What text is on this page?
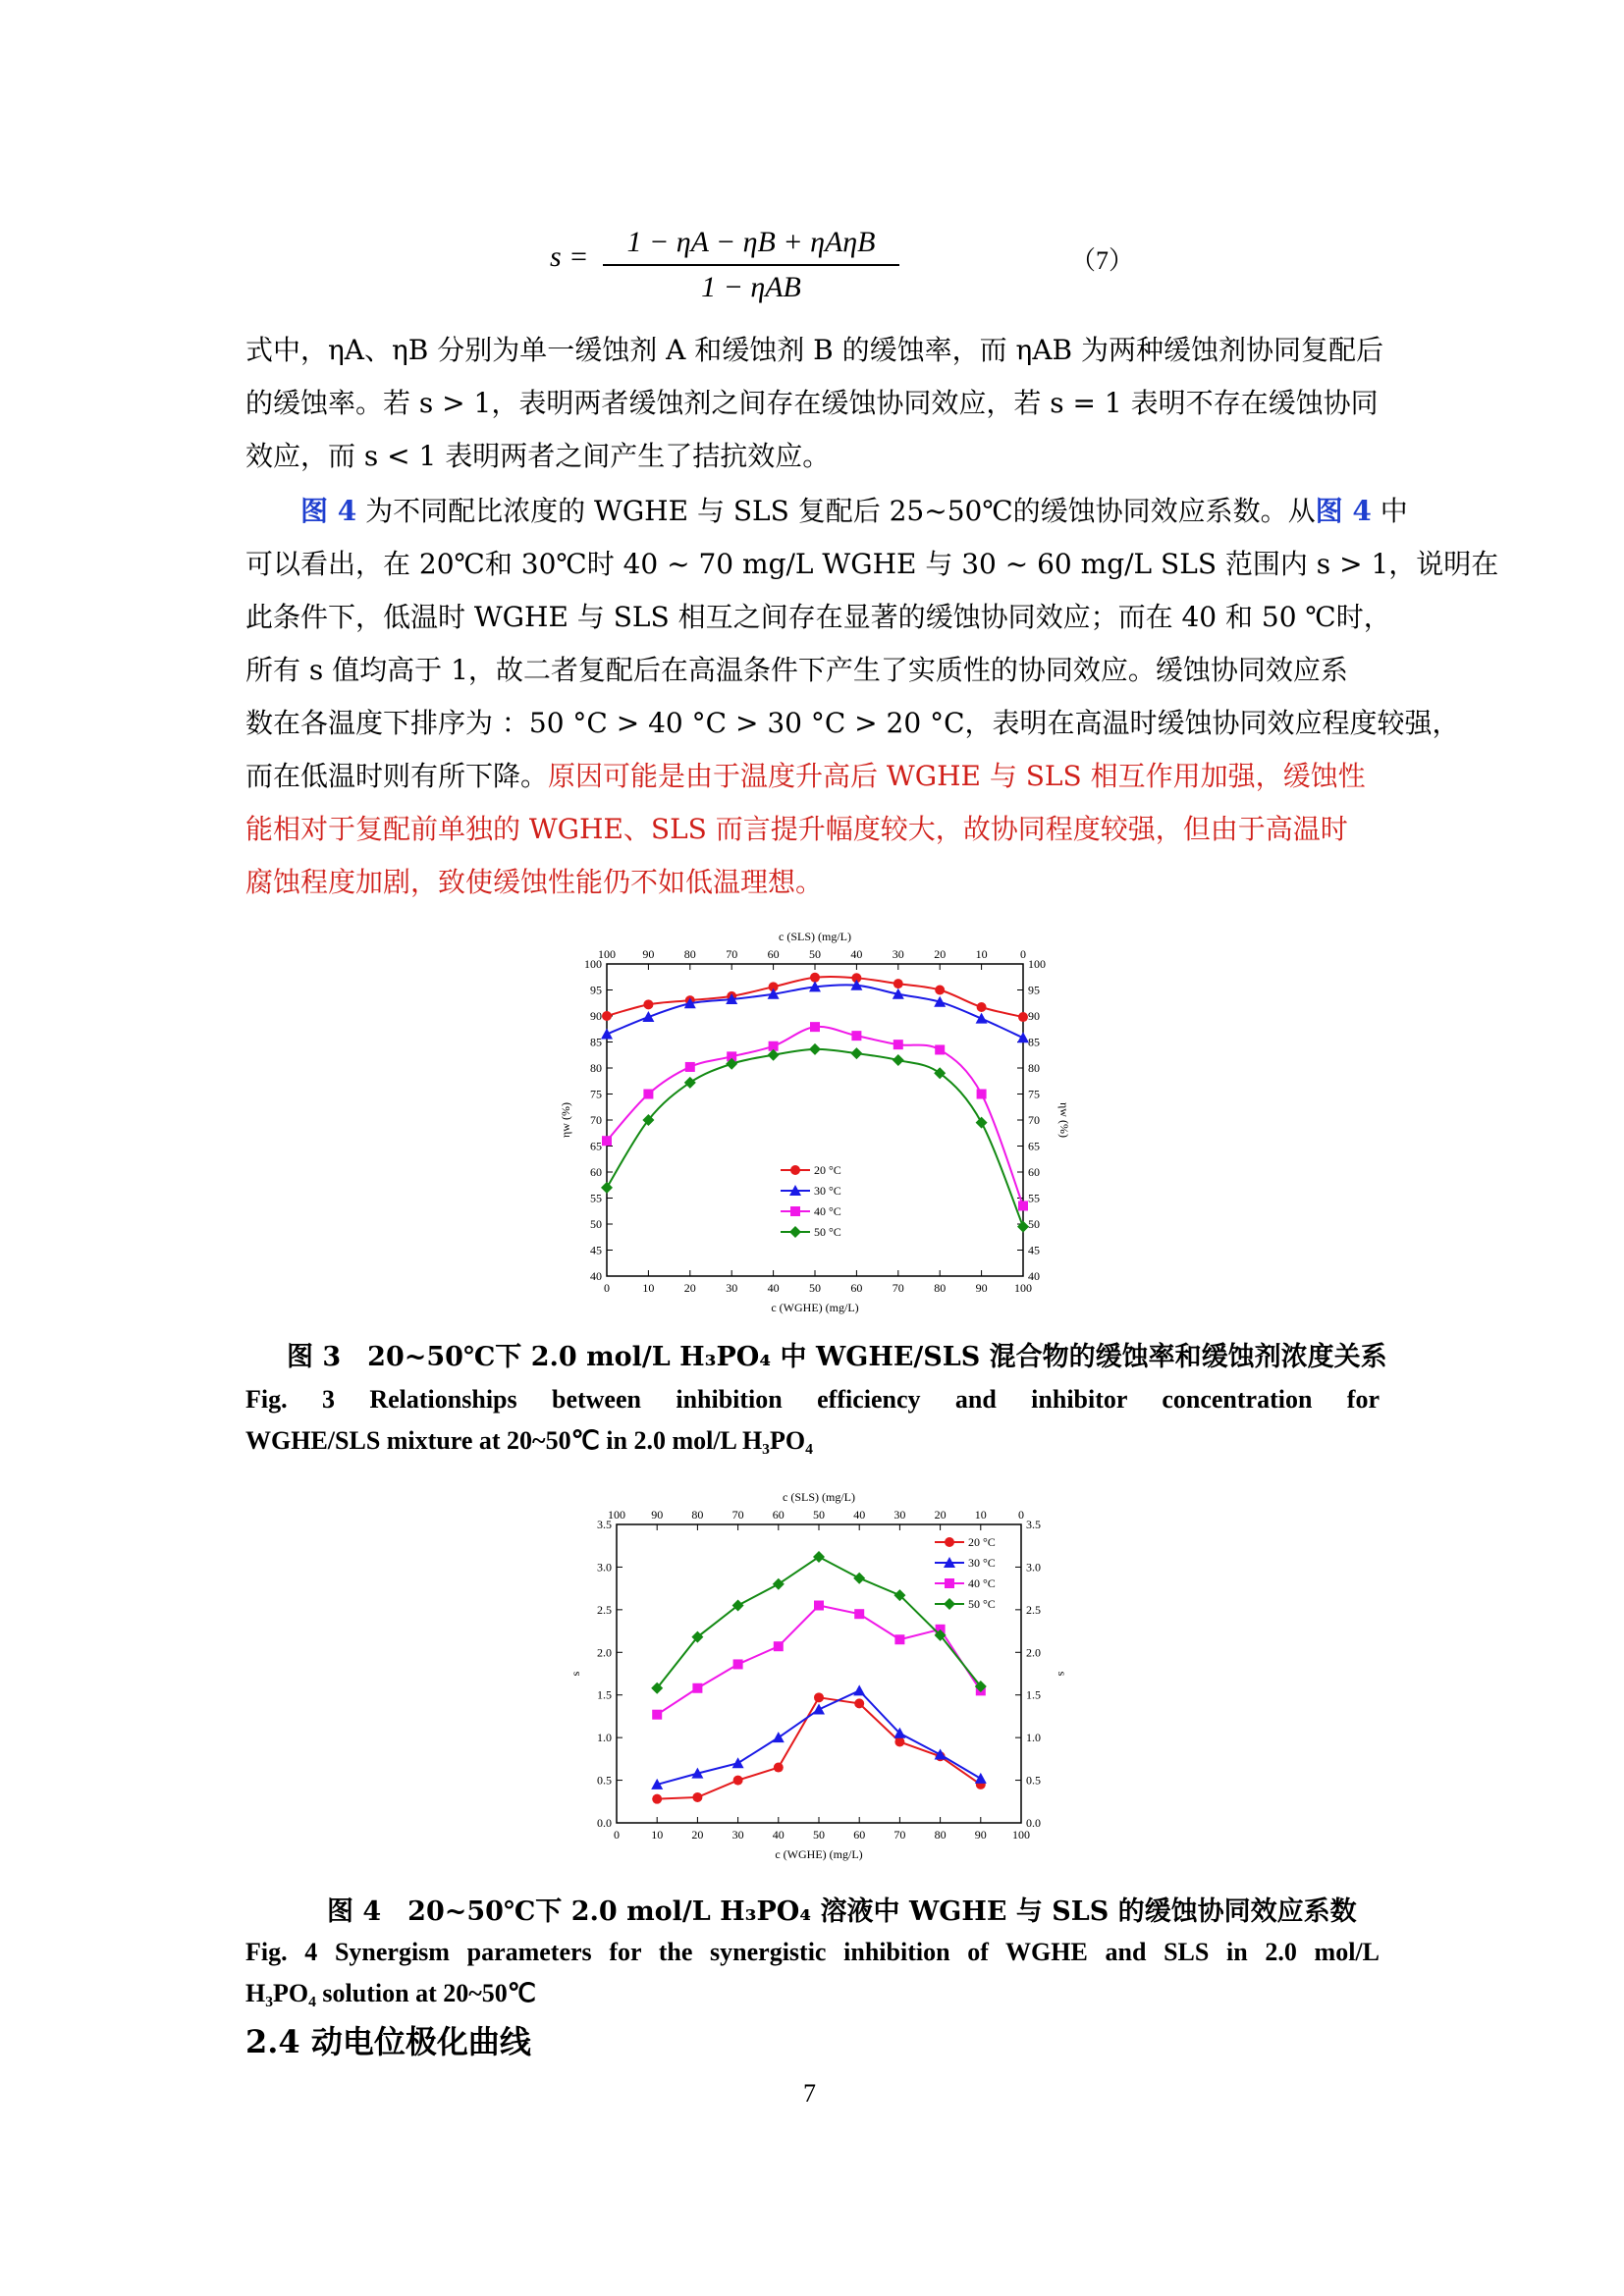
s =	1 − ηA − ηB + ηAηB
1 − ηAB
（7）
式中，ηA、ηB 分别为单一缓蚀剂 A 和缓蚀剂 B 的缓蚀率，而 ηAB 为两种缓蚀剂协同复配后
的缓蚀率。若 s > 1，表明两者缓蚀剂之间存在缓蚀协同效应，若 s = 1 表明不存在缓蚀协同
效应，而 s < 1 表明两者之间产生了拮抗效应。
图 4 为不同配比浓度的 WGHE 与 SLS 复配后 25~50℃的缓蚀协同效应系数。从图 4 中
可以看出，在 20℃和 30℃时 40 ~ 70 mg/L WGHE 与 30 ~ 60 mg/L SLS 范围内 s > 1，说明在
此条件下，低温时 WGHE 与 SLS 相互之间存在显著的缓蚀协同效应；而在 40 和 50 ℃时，
所有 s 值均高于 1，故二者复配后在高温条件下产生了实质性的协同效应。缓蚀协同效应系
数在各温度下排序为 ：50 °C > 40 °C > 30 °C > 20 °C，表明在高温时缓蚀协同效应程度较强，
而在低温时则有所下降。原因可能是由于温度升高后 WGHE 与 SLS 相互作用加强，缓蚀性
能相对于复配前单独的 WGHE、SLS 而言提升幅度较大，故协同程度较强，但由于高温时
腐蚀程度加剧，致使缓蚀性能仍不如低温理想。
0
100
10
90
20
80
30
70
40
60
50
50
60
40
70
30
80
20
90
10
100
0
40	40
45	45
50	50
55	55
60	60
65	65
70	70
75	75
80	80
85	85
90	90
95	95
100	100
c (WGHE) (mg/L)
c (SLS) (mg/L)
ηw (%)	ηw (%)
20 °C
30 °C
40 °C
50 °C
图 3　20~50℃下 2.0 mol/L H₃PO₄ 中 WGHE/SLS 混合物的缓蚀率和缓蚀剂浓度关系
Fig. 3 Relationships between inhibition efficiency and inhibitor concentration for
WGHE/SLS mixture at 20~50℃ in 2.0 mol/L H₃PO₄
0
100
10
90
20
80
30
70
40
60
50
50
60
40
70
30
80
20
90
10
100
0
0.0	0.0
0.5	0.5
1.0	1.0
1.5	1.5
2.0	2.0
2.5	2.5
3.0	3.0
3.5	3.5
c (WGHE) (mg/L)
c (SLS) (mg/L)
s	s
20 °C
30 °C
40 °C
50 °C
图 4　20~50℃下 2.0 mol/L H₃PO₄ 溶液中 WGHE 与 SLS 的缓蚀协同效应系数
Fig. 4 Synergism parameters for the synergistic inhibition of WGHE and SLS in 2.0 mol/L
H₃PO₄ solution at 20~50℃
2.4 动电位极化曲线
7
